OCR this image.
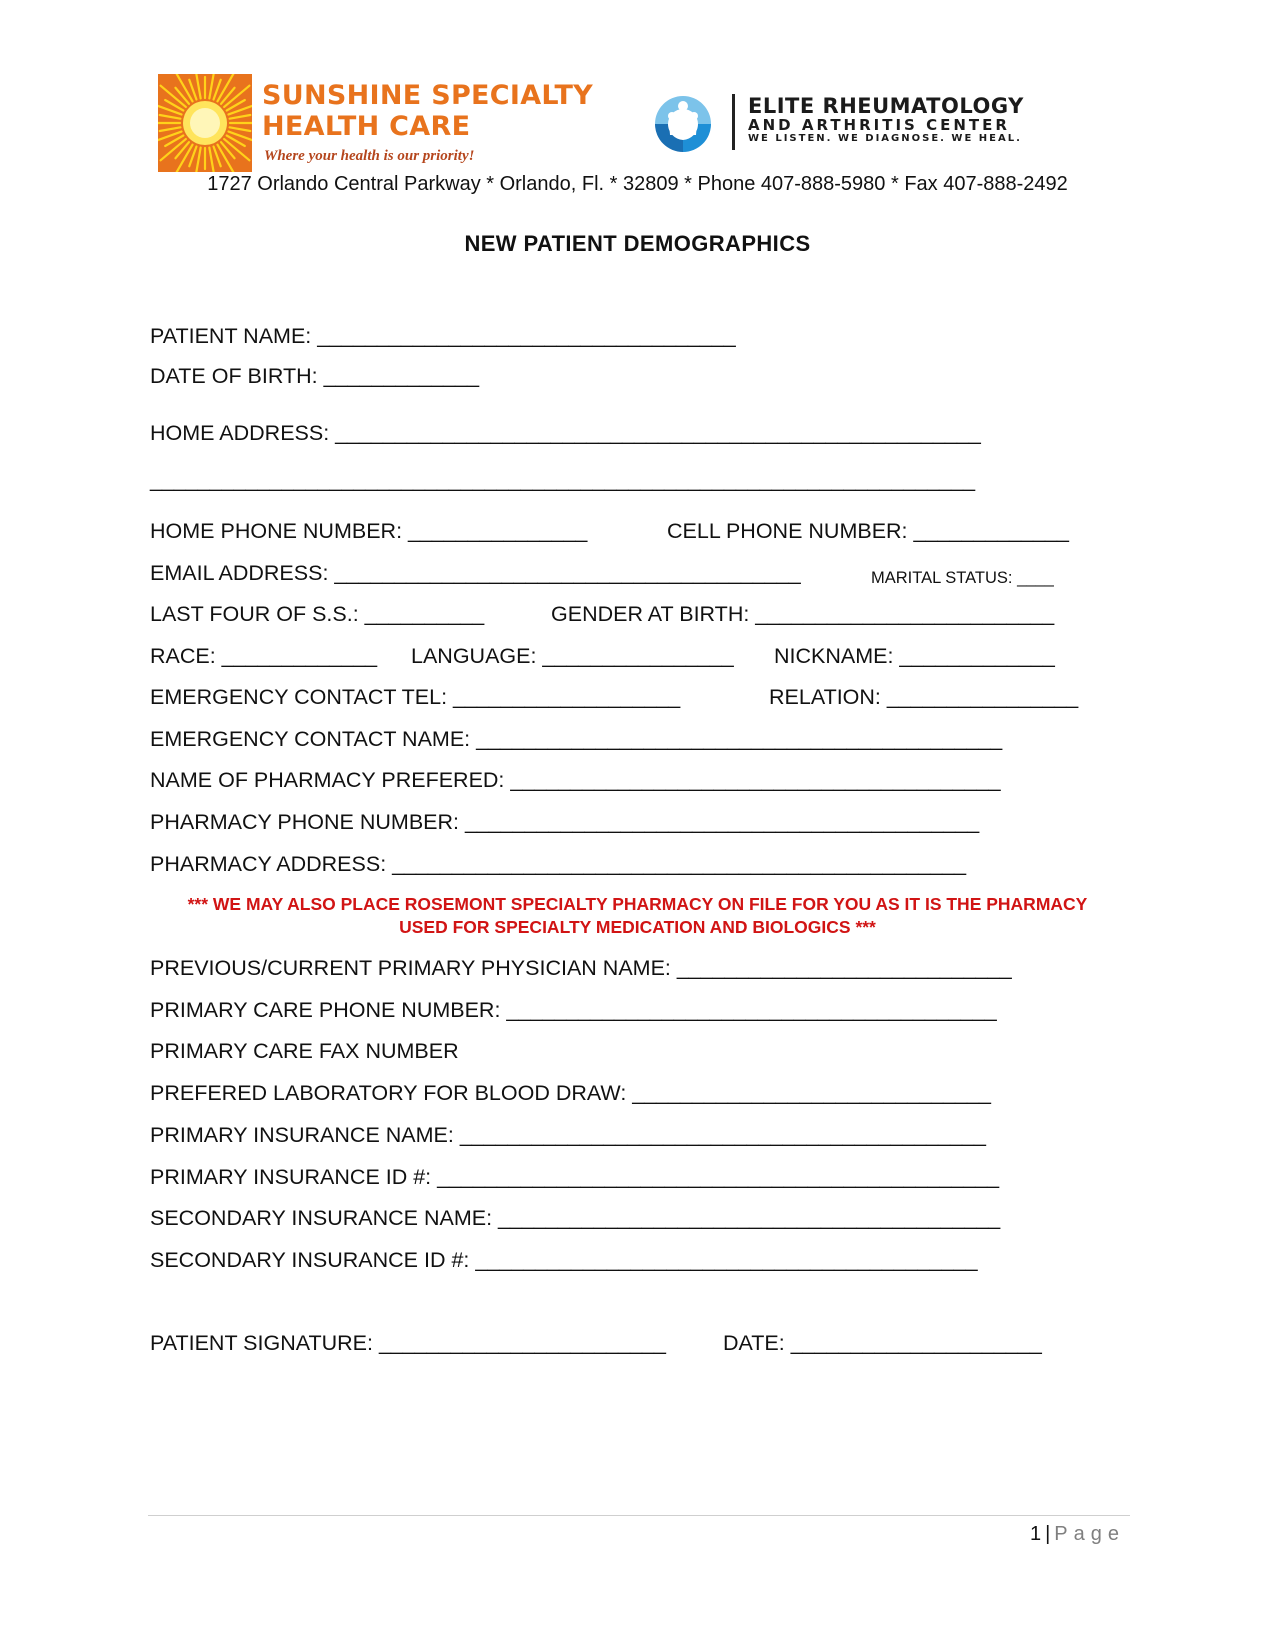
SUNSHINE SPECIALTY
HEALTH CARE
Where your health is our priority!
ELITE RHEUMATOLOGY
AND ARTHRITIS CENTER
WE LISTEN. WE DIAGNOSE. WE HEAL.
1727 Orlando Central Parkway * Orlando, Fl. * 32809 * Phone 407-888-5980 * Fax 407-888-2492
NEW PATIENT DEMOGRAPHICS
PATIENT NAME: ___________________________________
DATE OF BIRTH: _____________
HOME ADDRESS: ______________________________________________________
_____________________________________________________________________
HOME PHONE NUMBER: _______________	CELL PHONE NUMBER: _____________
EMAIL ADDRESS: _______________________________________	MARITAL STATUS: ____
LAST FOUR OF S.S.: __________	GENDER AT BIRTH: _________________________
RACE: _____________ LANGUAGE: ________________ NICKNAME: _____________
EMERGENCY CONTACT TEL: ___________________	RELATION: ________________
EMERGENCY CONTACT NAME: ____________________________________________
NAME OF PHARMACY PREFERED: _________________________________________
PHARMACY PHONE NUMBER: ___________________________________________
PHARMACY ADDRESS: ________________________________________________
*** WE MAY ALSO PLACE ROSEMONT SPECIALTY PHARMACY ON FILE FOR YOU AS IT IS THE PHARMACY
USED FOR SPECIALTY MEDICATION AND BIOLOGICS ***
PREVIOUS/CURRENT PRIMARY PHYSICIAN NAME: ____________________________
PRIMARY CARE PHONE NUMBER: _________________________________________
PRIMARY CARE FAX NUMBER
PREFERED LABORATORY FOR BLOOD DRAW: ______________________________
PRIMARY INSURANCE NAME: ____________________________________________
PRIMARY INSURANCE ID #: _______________________________________________
SECONDARY INSURANCE NAME: __________________________________________
SECONDARY INSURANCE ID #: __________________________________________
PATIENT SIGNATURE: ________________________	DATE: _____________________
1 | Page
